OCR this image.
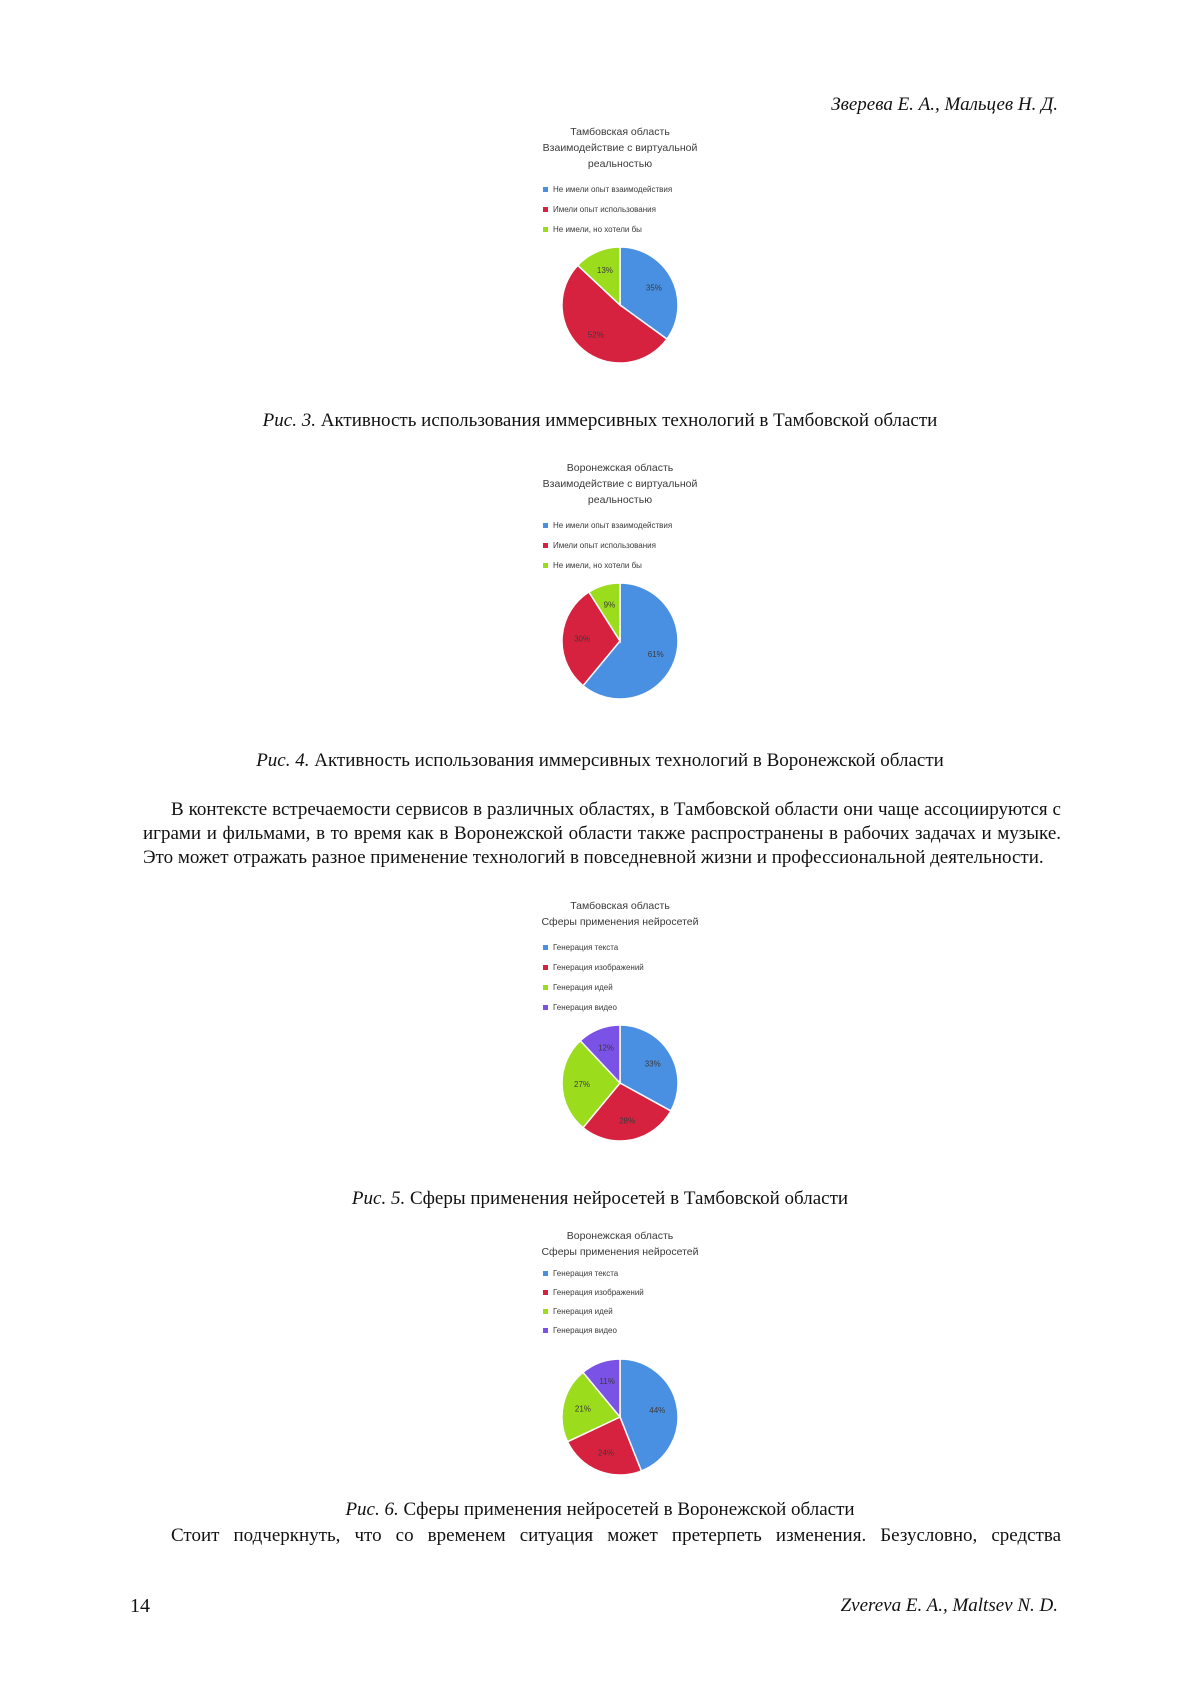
Зверева Е. А., Мальцев Н. Д.
Тамбовская область
Взаимодействие с виртуальной
реальностью
Не имели опыт взаимодействия
Имели опыт использования
Не имели, но хотели бы
35%
52%
13%
Рис. 3. Активность использования иммерсивных технологий в Тамбовской области
Воронежская область
Взаимодействие с виртуальной
реальностью
Не имели опыт взаимодействия
Имели опыт использования
Не имели, но хотели бы
61%
30%
9%
Рис. 4. Активность использования иммерсивных технологий в Воронежской области

В контексте встречаемости сервисов в различных областях, в Тамбовской области они чаще ассоциируются с играми и фильмами, в то время как в Воронежской области также распространены в рабочих задачах и музыке. Это может отражать разное применение технологий в повседневной жизни и профессиональной деятельности.

Тамбовская область
Сферы применения нейросетей
Генерация текста
Генерация изображений
Генерация идей
Генерация видео
33%
28%
27%
12%
Рис. 5. Сферы применения нейросетей в Тамбовской области
Воронежская область
Сферы применения нейросетей
Генерация текста
Генерация изображений
Генерация идей
Генерация видео
44%
24%
21%
11%
Рис. 6. Сферы применения нейросетей в Воронежской области

Стоит подчеркнуть, что со временем ситуация может претерпеть изменения. Безусловно, средства

14	Zvereva E. A., Maltsev N. D.
